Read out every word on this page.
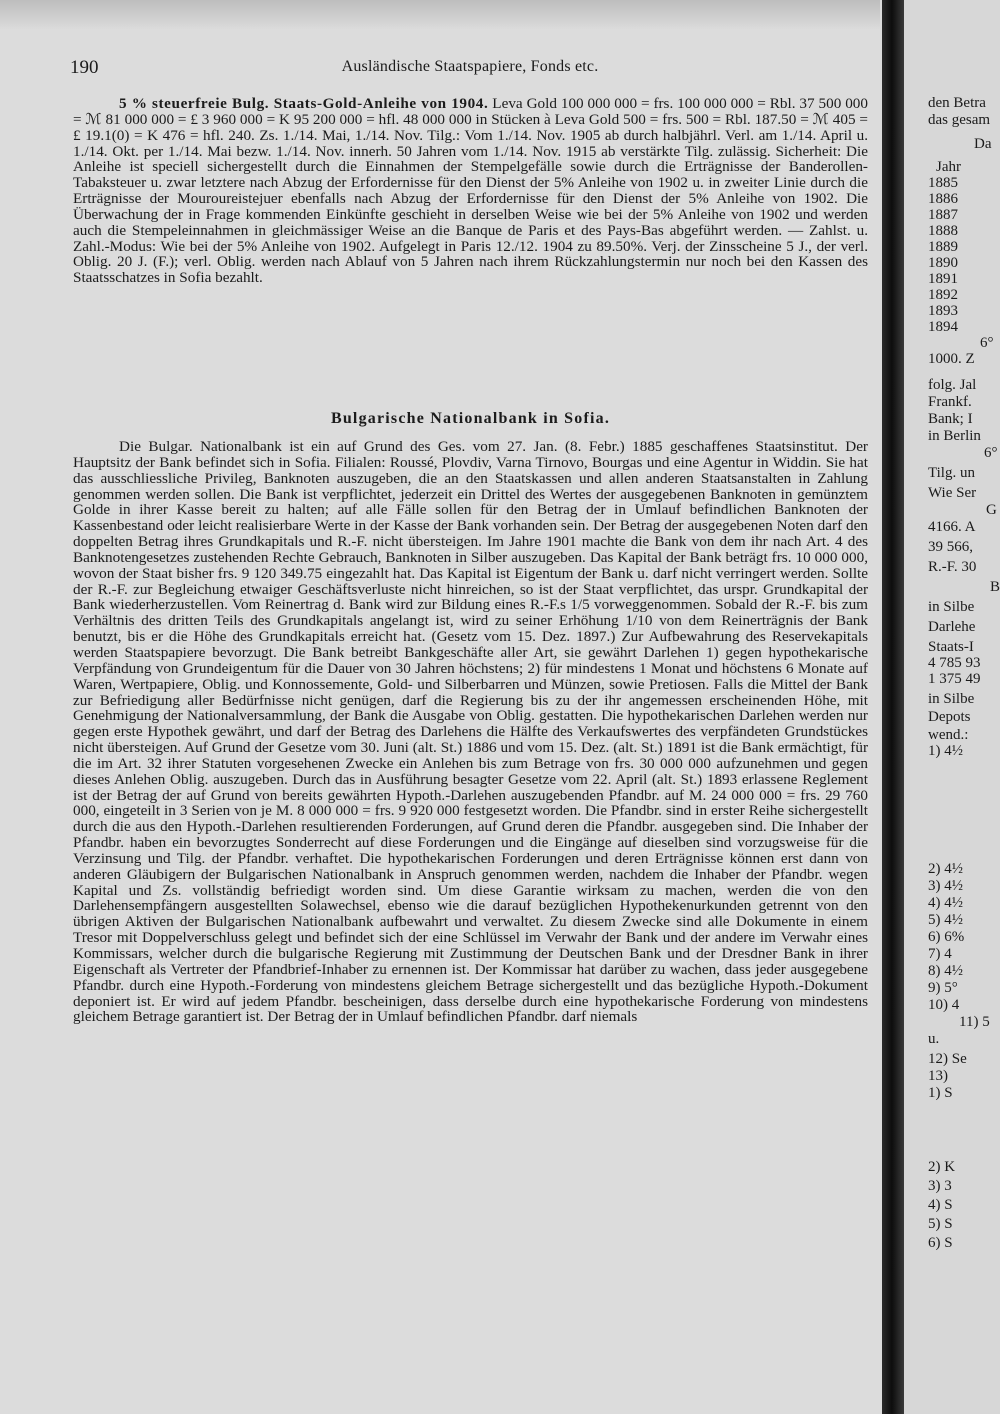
190	Ausländische Staatspapiere, Fonds etc.

5 % steuerfreie Bulg. Staats-Gold-Anleihe von 1904. Leva Gold 100 000 000 = frs. 100 000 000 = Rbl. 37 500 000 = ℳ 81 000 000 = £ 3 960 000 = K 95 200 000 = hfl. 48 000 000 in Stücken à Leva Gold 500 = frs. 500 = Rbl. 187.50 = ℳ 405 = £ 19.1(0) = K 476 = hfl. 240. Zs. 1./14. Mai, 1./14. Nov. Tilg.: Vom 1./14. Nov. 1905 ab durch halbjährl. Verl. am 1./14. April u. 1./14. Okt. per 1./14. Mai bezw. 1./14. Nov. innerh. 50 Jahren vom 1./14. Nov. 1915 ab verstärkte Tilg. zulässig. Sicherheit: Die Anleihe ist speciell sichergestellt durch die Einnahmen der Stempelgefälle sowie durch die Erträgnisse der Banderollen-Tabaksteuer u. zwar letztere nach Abzug der Erfordernisse für den Dienst der 5% Anleihe von 1902 u. in zweiter Linie durch die Erträgnisse der Mouroureistejuer ebenfalls nach Abzug der Erfordernisse für den Dienst der 5% Anleihe von 1902. Die Überwachung der in Frage kommenden Einkünfte geschieht in derselben Weise wie bei der 5% Anleihe von 1902 und werden auch die Stempeleinnahmen in gleichmässiger Weise an die Banque de Paris et des Pays-Bas abgeführt werden. — Zahlst. u. Zahl.-Modus: Wie bei der 5% Anleihe von 1902. Aufgelegt in Paris 12./12. 1904 zu 89.50%. Verj. der Zinsscheine 5 J., der verl. Oblig. 20 J. (F.); verl. Oblig. werden nach Ablauf von 5 Jahren nach ihrem Rückzahlungstermin nur noch bei den Kassen des Staatsschatzes in Sofia bezahlt.

Bulgarische Nationalbank in Sofia.

Die Bulgar. Nationalbank ist ein auf Grund des Ges. vom 27. Jan. (8. Febr.) 1885 geschaffenes Staatsinstitut. Der Hauptsitz der Bank befindet sich in Sofia. Filialen: Roussé, Plovdiv, Varna Tirnovo, Bourgas und eine Agentur in Widdin. Sie hat das ausschliessliche Privileg, Banknoten auszugeben, die an den Staatskassen und allen anderen Staatsanstalten in Zahlung genommen werden sollen. Die Bank ist verpflichtet, jederzeit ein Drittel des Wertes der ausgegebenen Banknoten in gemünztem Golde in ihrer Kasse bereit zu halten; auf alle Fälle sollen für den Betrag der in Umlauf befindlichen Banknoten der Kassenbestand oder leicht realisierbare Werte in der Kasse der Bank vorhanden sein. Der Betrag der ausgegebenen Noten darf den doppelten Betrag ihres Grundkapitals und R.-F. nicht übersteigen. Im Jahre 1901 machte die Bank von dem ihr nach Art. 4 des Banknotengesetzes zustehenden Rechte Gebrauch, Banknoten in Silber auszugeben. Das Kapital der Bank beträgt frs. 10 000 000, wovon der Staat bisher frs. 9 120 349.75 eingezahlt hat. Das Kapital ist Eigentum der Bank u. darf nicht verringert werden. Sollte der R.-F. zur Begleichung etwaiger Geschäftsverluste nicht hinreichen, so ist der Staat verpflichtet, das urspr. Grundkapital der Bank wiederherzustellen. Vom Reinertrag d. Bank wird zur Bildung eines R.-F.s 1/5 vorweggenommen. Sobald der R.-F. bis zum Verhältnis des dritten Teils des Grundkapitals angelangt ist, wird zu seiner Erhöhung 1/10 von dem Reinerträgnis der Bank benutzt, bis er die Höhe des Grundkapitals erreicht hat. (Gesetz vom 15. Dez. 1897.) Zur Aufbewahrung des Reservekapitals werden Staatspapiere bevorzugt. Die Bank betreibt Bankgeschäfte aller Art, sie gewährt Darlehen 1) gegen hypothekarische Verpfändung von Grundeigentum für die Dauer von 30 Jahren höchstens; 2) für mindestens 1 Monat und höchstens 6 Monate auf Waren, Wertpapiere, Oblig. und Konnossemente, Gold- und Silberbarren und Münzen, sowie Pretiosen. Falls die Mittel der Bank zur Befriedigung aller Bedürfnisse nicht genügen, darf die Regierung bis zu der ihr angemessen erscheinenden Höhe, mit Genehmigung der Nationalversammlung, der Bank die Ausgabe von Oblig. gestatten. Die hypothekarischen Darlehen werden nur gegen erste Hypothek gewährt, und darf der Betrag des Darlehens die Hälfte des Verkaufswertes des verpfändeten Grundstückes nicht übersteigen. Auf Grund der Gesetze vom 30. Juni (alt. St.) 1886 und vom 15. Dez. (alt. St.) 1891 ist die Bank ermächtigt, für die im Art. 32 ihrer Statuten vorgesehenen Zwecke ein Anlehen bis zum Betrage von frs. 30 000 000 aufzunehmen und gegen dieses Anlehen Oblig. auszugeben. Durch das in Ausführung besagter Gesetze vom 22. April (alt. St.) 1893 erlassene Reglement ist der Betrag der auf Grund von bereits gewährten Hypoth.-Darlehen auszugebenden Pfandbr. auf M. 24 000 000 = frs. 29 760 000, eingeteilt in 3 Serien von je M. 8 000 000 = frs. 9 920 000 festgesetzt worden. Die Pfandbr. sind in erster Reihe sichergestellt durch die aus den Hypoth.-Darlehen resultierenden Forderungen, auf Grund deren die Pfandbr. ausgegeben sind. Die Inhaber der Pfandbr. haben ein bevorzugtes Sonderrecht auf diese Forderungen und die Eingänge auf dieselben sind vorzugsweise für die Verzinsung und Tilg. der Pfandbr. verhaftet. Die hypothekarischen Forderungen und deren Erträgnisse können erst dann von anderen Gläubigern der Bulgarischen Nationalbank in Anspruch genommen werden, nachdem die Inhaber der Pfandbr. wegen Kapital und Zs. vollständig befriedigt worden sind. Um diese Garantie wirksam zu machen, werden die von den Darlehensempfängern ausgestellten Solawechsel, ebenso wie die darauf bezüglichen Hypothekenurkunden getrennt von den übrigen Aktiven der Bulgarischen Nationalbank aufbewahrt und verwaltet. Zu diesem Zwecke sind alle Dokumente in einem Tresor mit Doppelverschluss gelegt und befindet sich der eine Schlüssel im Verwahr der Bank und der andere im Verwahr eines Kommissars, welcher durch die bulgarische Regierung mit Zustimmung der Deutschen Bank und der Dresdner Bank in ihrer Eigenschaft als Vertreter der Pfandbrief-Inhaber zu ernennen ist. Der Kommissar hat darüber zu wachen, dass jeder ausgegebene Pfandbr. durch eine Hypoth.-Forderung von mindestens gleichem Betrage sichergestellt und das bezügliche Hypoth.-Dokument deponiert ist. Er wird auf jedem Pfandbr. bescheinigen, dass derselbe durch eine hypothekarische Forderung von mindestens gleichem Betrage garantiert ist. Der Betrag der in Umlauf befindlichen Pfandbr. darf niemals

den Betra
das gesam
Da
Jahr
1885
1886
1887
1888
1889
1890
1891
1892
1893
1894
6°
1000. Z
folg. Jal
Frankf.
Bank; I
in Berlin
6°
Tilg. un
Wie Ser
G
4166. A
39 566,
R.-F. 30
B
in Silbe
Darlehe
Staats-I
4 785 93
1 375 49
in Silbe
Depots
wend.:
1) 4½
2) 4½
3) 4½
4) 4½
5) 4½
6) 6%
7) 4
8) 4½
9) 5°
10) 4
11) 5
u.
12) Se
13)
1) S
2) K
3) 3
4) S
5) S
6) S
